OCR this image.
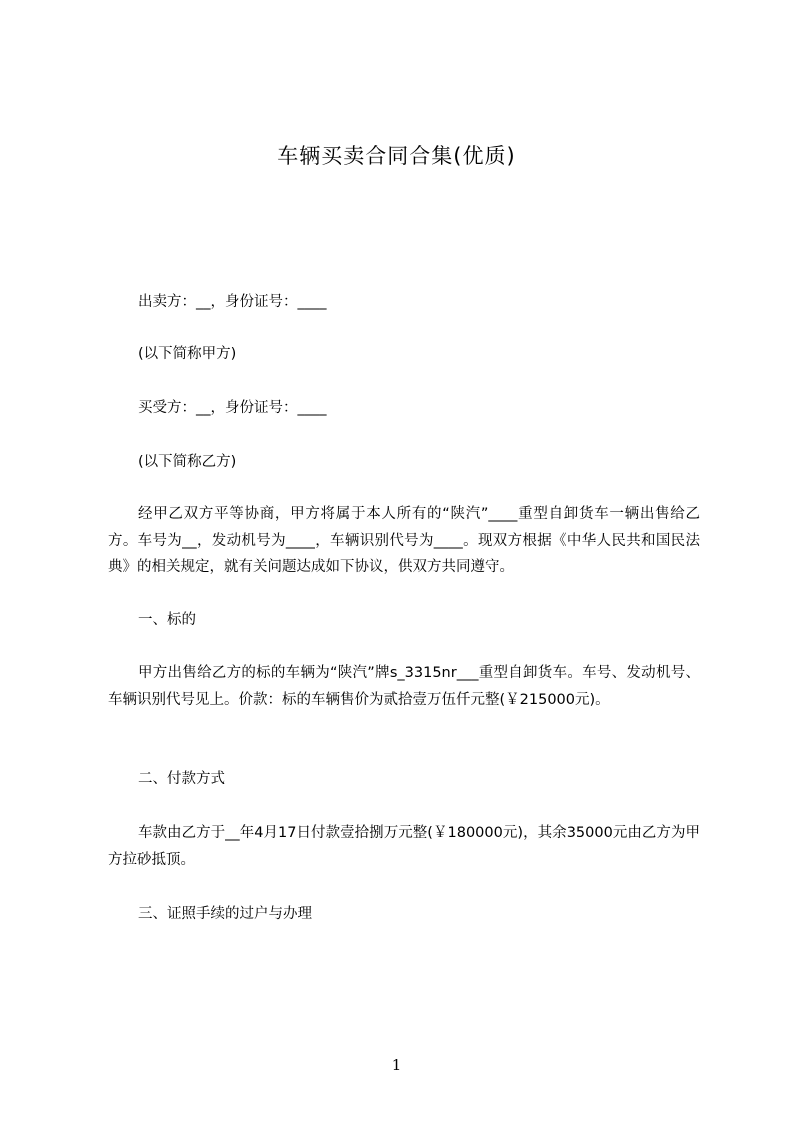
车辆买卖合同合集(优质)
出卖方：__，身份证号：____
(以下简称甲方)
买受方：__，身份证号：____
(以下简称乙方)
经甲乙双方平等协商，甲方将属于本人所有的“陕汽”____重型自卸货车一辆出售给乙方。车号为__，发动机号为____，车辆识别代号为____。现双方根据《中华人民共和国民法典》的相关规定，就有关问题达成如下协议，供双方共同遵守。
一、标的
甲方出售给乙方的标的车辆为“陕汽”牌s_3315nr___重型自卸货车。车号、发动机号、车辆识别代号见上。价款：标的车辆售价为贰拾壹万伍仟元整(￥215000元)。
二、付款方式
车款由乙方于__年4月17日付款壹拾捌万元整(￥180000元)，其余35000元由乙方为甲方拉砂抵顶。
三、证照手续的过户与办理
1
